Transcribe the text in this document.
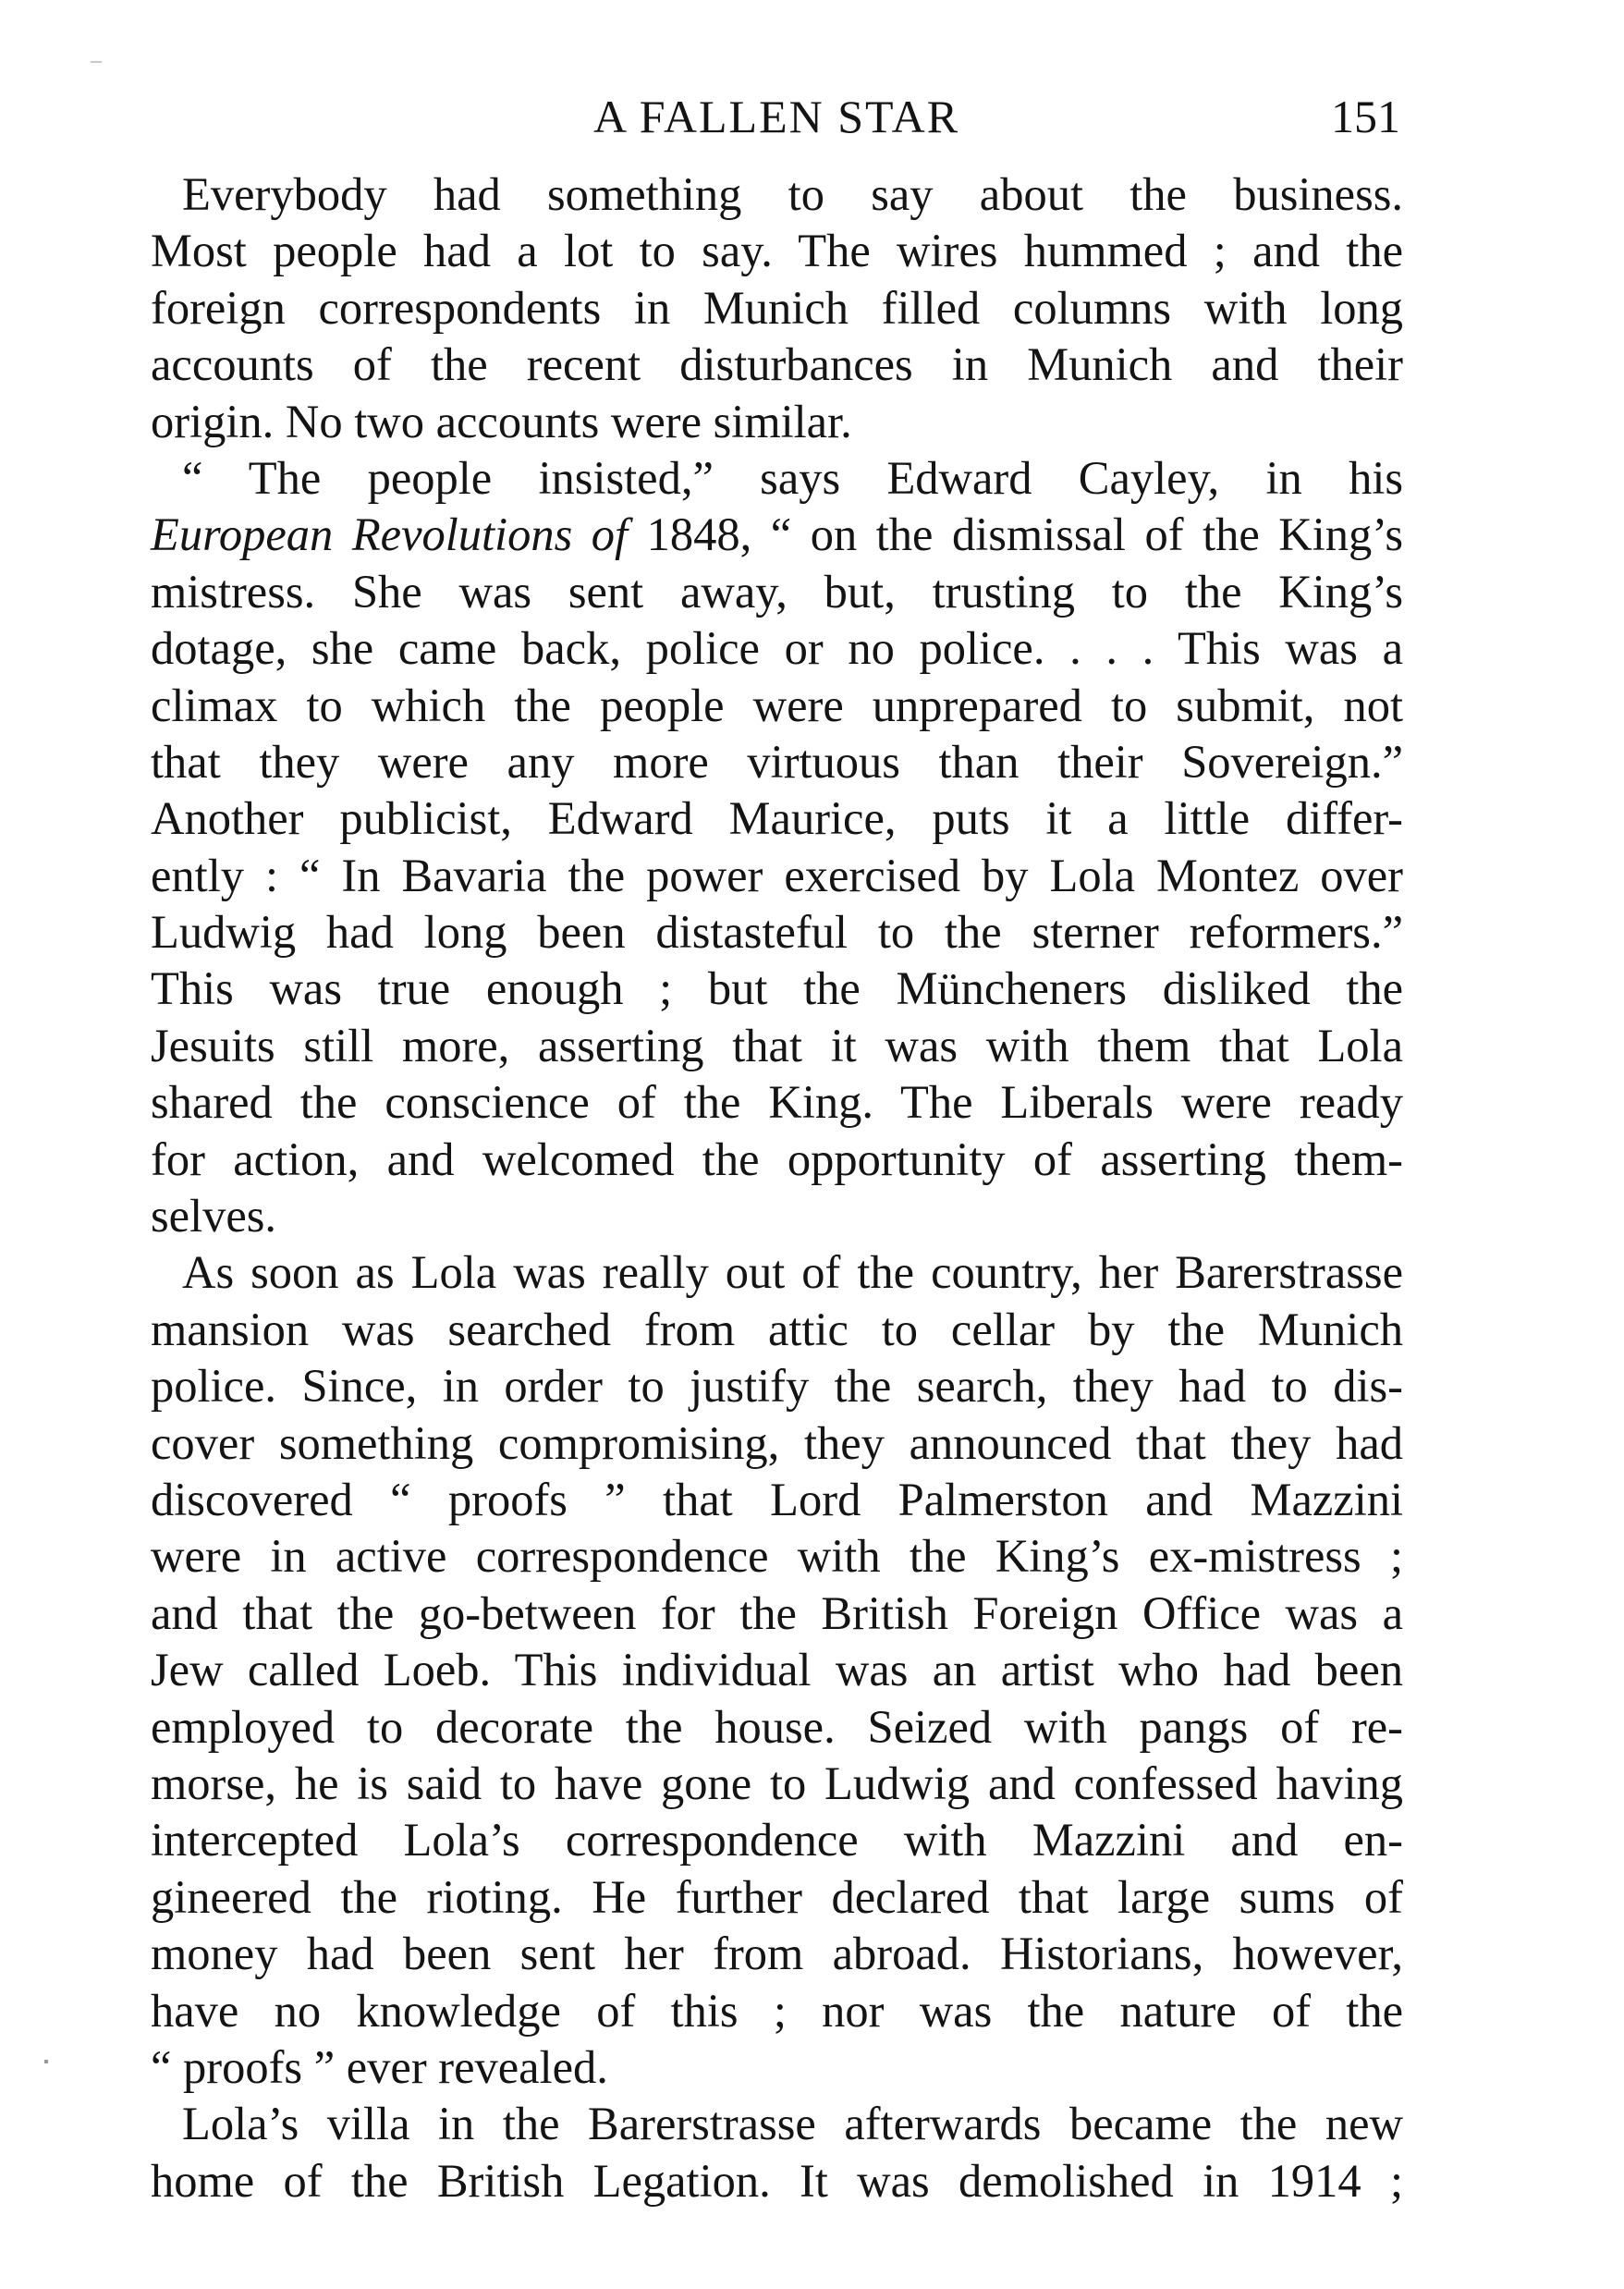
A FALLEN STAR	151
Everybody had something to say about the business.
Most people had a lot to say. The wires hummed ; and the
foreign correspondents in Munich filled columns with long
accounts of the recent disturbances in Munich and their
origin. No two accounts were similar.
“ The people insisted,” says Edward Cayley, in his
European Revolutions of 1848, “ on the dismissal of the King’s
mistress. She was sent away, but, trusting to the King’s
dotage, she came back, police or no police. . . . This was a
climax to which the people were unprepared to submit, not
that they were any more virtuous than their Sovereign.”
Another publicist, Edward Maurice, puts it a little differ-
ently : “ In Bavaria the power exercised by Lola Montez over
Ludwig had long been distasteful to the sterner reformers.”
This was true enough ; but the Müncheners disliked the
Jesuits still more, asserting that it was with them that Lola
shared the conscience of the King. The Liberals were ready
for action, and welcomed the opportunity of asserting them-
selves.
As soon as Lola was really out of the country, her Barerstrasse
mansion was searched from attic to cellar by the Munich
police. Since, in order to justify the search, they had to dis-
cover something compromising, they announced that they had
discovered “ proofs ” that Lord Palmerston and Mazzini
were in active correspondence with the King’s ex-mistress ;
and that the go-between for the British Foreign Office was a
Jew called Loeb. This individual was an artist who had been
employed to decorate the house. Seized with pangs of re-
morse, he is said to have gone to Ludwig and confessed having
intercepted Lola’s correspondence with Mazzini and en-
gineered the rioting. He further declared that large sums of
money had been sent her from abroad. Historians, however,
have no knowledge of this ; nor was the nature of the
“ proofs ” ever revealed.
Lola’s villa in the Barerstrasse afterwards became the new
home of the British Legation. It was demolished in 1914 ;
